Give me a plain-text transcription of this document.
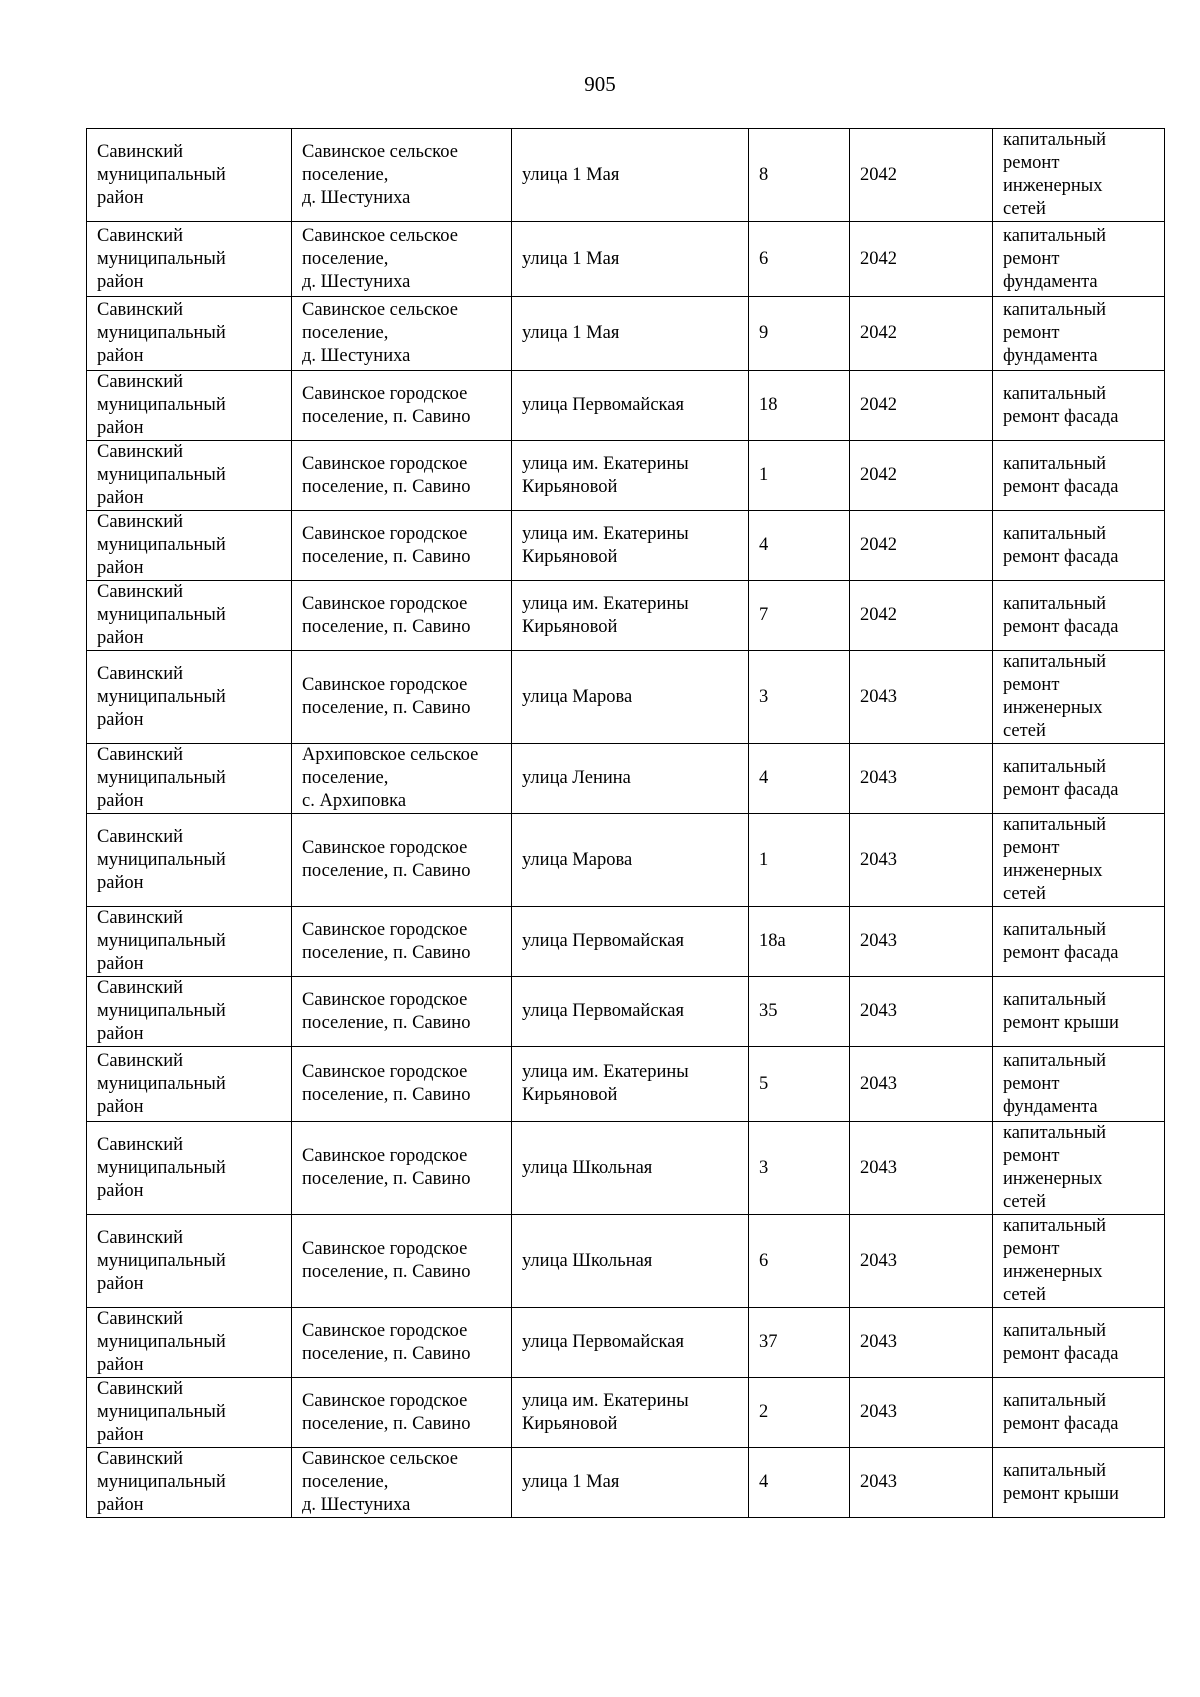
905
Савинский
муниципальный
район	Савинское сельское
поселение,
д. Шестуниха	улица 1 Мая	8	2042	капитальный
ремонт
инженерных
сетей
Савинский
муниципальный
район	Савинское сельское
поселение,
д. Шестуниха	улица 1 Мая	6	2042	капитальный
ремонт
фундамента
Савинский
муниципальный
район	Савинское сельское
поселение,
д. Шестуниха	улица 1 Мая	9	2042	капитальный
ремонт
фундамента
Савинский
муниципальный
район	Савинское городское
поселение, п. Савино	улица Первомайская	18	2042	капитальный
ремонт фасада
Савинский
муниципальный
район	Савинское городское
поселение, п. Савино	улица им. Екатерины
Кирьяновой	1	2042	капитальный
ремонт фасада
Савинский
муниципальный
район	Савинское городское
поселение, п. Савино	улица им. Екатерины
Кирьяновой	4	2042	капитальный
ремонт фасада
Савинский
муниципальный
район	Савинское городское
поселение, п. Савино	улица им. Екатерины
Кирьяновой	7	2042	капитальный
ремонт фасада
Савинский
муниципальный
район	Савинское городское
поселение, п. Савино	улица Марова	3	2043	капитальный
ремонт
инженерных
сетей
Савинский
муниципальный
район	Архиповское сельское
поселение,
с. Архиповка	улица Ленина	4	2043	капитальный
ремонт фасада
Савинский
муниципальный
район	Савинское городское
поселение, п. Савино	улица Марова	1	2043	капитальный
ремонт
инженерных
сетей
Савинский
муниципальный
район	Савинское городское
поселение, п. Савино	улица Первомайская	18а	2043	капитальный
ремонт фасада
Савинский
муниципальный
район	Савинское городское
поселение, п. Савино	улица Первомайская	35	2043	капитальный
ремонт крыши
Савинский
муниципальный
район	Савинское городское
поселение, п. Савино	улица им. Екатерины
Кирьяновой	5	2043	капитальный
ремонт
фундамента
Савинский
муниципальный
район	Савинское городское
поселение, п. Савино	улица Школьная	3	2043	капитальный
ремонт
инженерных
сетей
Савинский
муниципальный
район	Савинское городское
поселение, п. Савино	улица Школьная	6	2043	капитальный
ремонт
инженерных
сетей
Савинский
муниципальный
район	Савинское городское
поселение, п. Савино	улица Первомайская	37	2043	капитальный
ремонт фасада
Савинский
муниципальный
район	Савинское городское
поселение, п. Савино	улица им. Екатерины
Кирьяновой	2	2043	капитальный
ремонт фасада
Савинский
муниципальный
район	Савинское сельское
поселение,
д. Шестуниха	улица 1 Мая	4	2043	капитальный
ремонт крыши
